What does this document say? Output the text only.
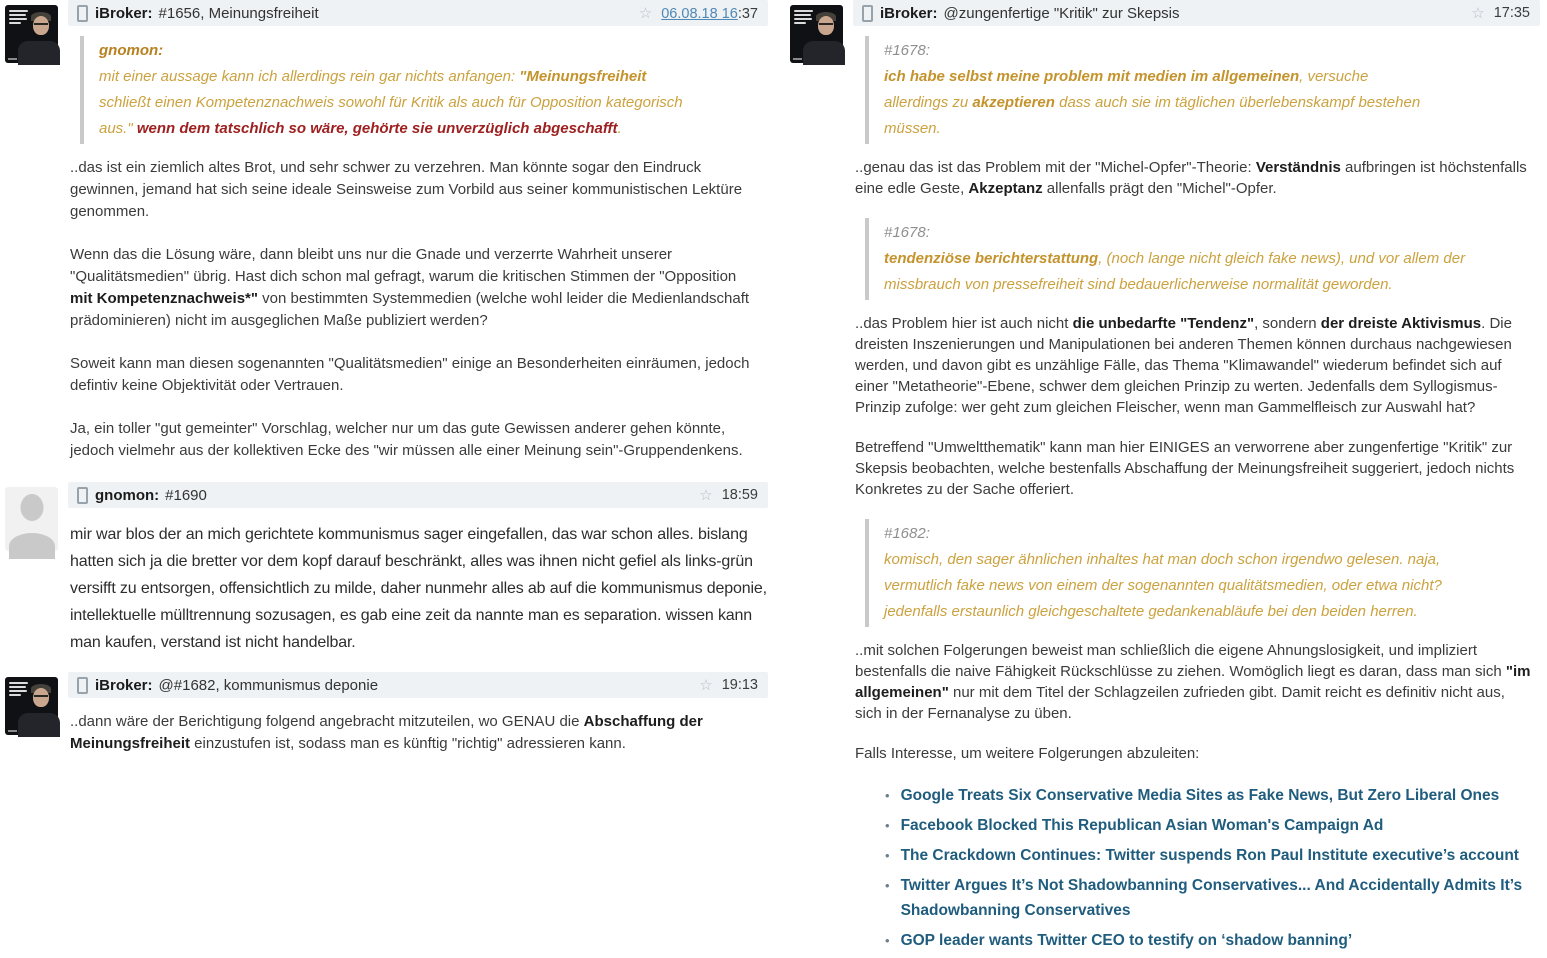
iBroker: #1656, Meinungsfreiheit	☆ 06.08.18 16:37
gnomon:
mit einer aussage kann ich allerdings rein gar nichts anfangen: "Meinungsfreiheit schließt einen Kompetenznachweis sowohl für Kritik als auch für Opposition kategorisch aus." wenn dem tatschlich so wäre, gehörte sie unverzüglich abgeschafft.

..das ist ein ziemlich altes Brot, und sehr schwer zu verzehren. Man könnte sogar den Eindruck gewinnen, jemand hat sich seine ideale Seinsweise zum Vorbild aus seiner kommunistischen Lektüre genommen.

Wenn das die Lösung wäre, dann bleibt uns nur die Gnade und verzerrte Wahrheit unserer "Qualitätsmedien" übrig. Hast dich schon mal gefragt, warum die kritischen Stimmen der "Opposition mit Kompetenznachweis*" von bestimmten Systemmedien (welche wohl leider die Medienlandschaft prädominieren) nicht im ausgeglichen Maße publiziert werden?

Soweit kann man diesen sogenannten "Qualitätsmedien" einige an Besonderheiten einräumen, jedoch defintiv keine Objektivität oder Vertrauen.

Ja, ein toller "gut gemeinter" Vorschlag, welcher nur um das gute Gewissen anderer gehen könnte, jedoch vielmehr aus der kollektiven Ecke des "wir müssen alle einer Meinung sein"-Gruppendenkens.

gnomon: #1690	☆ 18:59

mir war blos der an mich gerichtete kommunismus sager eingefallen, das war schon alles. bislang hatten sich ja die bretter vor dem kopf darauf beschränkt, alles was ihnen nicht gefiel als links-grün versifft zu entsorgen, offensichtlich zu milde, daher nunmehr alles ab auf die kommunismus deponie, intellektuelle mülltrennung sozusagen, es gab eine zeit da nannte man es separation. wissen kann man kaufen, verstand ist nicht handelbar.

iBroker: @#1682, kommunismus deponie	☆ 19:13

..dann wäre der Berichtigung folgend angebracht mitzuteilen, wo GENAU die Abschaffung der Meinungsfreiheit einzustufen ist, sodass man es künftig "richtig" adressieren kann.

iBroker: @zungenfertige "Kritik" zur Skepsis	☆ 17:35
#1678:
ich habe selbst meine problem mit medien im allgemeinen, versuche allerdings zu akzeptieren dass auch sie im täglichen überlebenskampf bestehen müssen.

..genau das ist das Problem mit der "Michel-Opfer"-Theorie: Verständnis aufbringen ist höchstenfalls eine edle Geste, Akzeptanz allenfalls prägt den "Michel"-Opfer.

#1678:
tendenziöse berichterstattung, (noch lange nicht gleich fake news), und vor allem der missbrauch von pressefreiheit sind bedauerlicherweise normalität geworden.

..das Problem hier ist auch nicht die unbedarfte "Tendenz", sondern der dreiste Aktivismus. Die dreisten Inszenierungen und Manipulationen bei anderen Themen können durchaus nachgewiesen werden, und davon gibt es unzählige Fälle, das Thema "Klimawandel" wiederum befindet sich auf einer "Metatheorie"-Ebene, schwer dem gleichen Prinzip zu werten. Jedenfalls dem Syllogismus-Prinzip zufolge: wer geht zum gleichen Fleischer, wenn man Gammelfleisch zur Auswahl hat?

Betreffend "Umweltthematik" kann man hier EINIGES an verworrene aber zungenfertige "Kritik" zur Skepsis beobachten, welche bestenfalls Abschaffung der Meinungsfreiheit suggeriert, jedoch nichts Konkretes zu der Sache offeriert.

#1682:
komisch, den sager ähnlichen inhaltes hat man doch schon irgendwo gelesen. naja, vermutlich fake news von einem der sogenannten qualitätsmedien, oder etwa nicht? jedenfalls erstaunlich gleichgeschaltete gedankenabläufe bei den beiden herren.

..mit solchen Folgerungen beweist man schließlich die eigene Ahnungslosigkeit, und impliziert bestenfalls die naive Fähigkeit Rückschlüsse zu ziehen. Womöglich liegt es daran, dass man sich "im allgemeinen" nur mit dem Titel der Schlagzeilen zufrieden gibt. Damit reicht es definitiv nicht aus, sich in der Fernanalyse zu üben.

Falls Interesse, um weitere Folgerungen abzuleiten:

• Google Treats Six Conservative Media Sites as Fake News, But Zero Liberal Ones
• Facebook Blocked This Republican Asian Woman's Campaign Ad
• The Crackdown Continues: Twitter suspends Ron Paul Institute executive’s account
• Twitter Argues It’s Not Shadowbanning Conservatives... And Accidentally Admits It’s Shadowbanning Conservatives
• GOP leader wants Twitter CEO to testify on ‘shadow banning’
